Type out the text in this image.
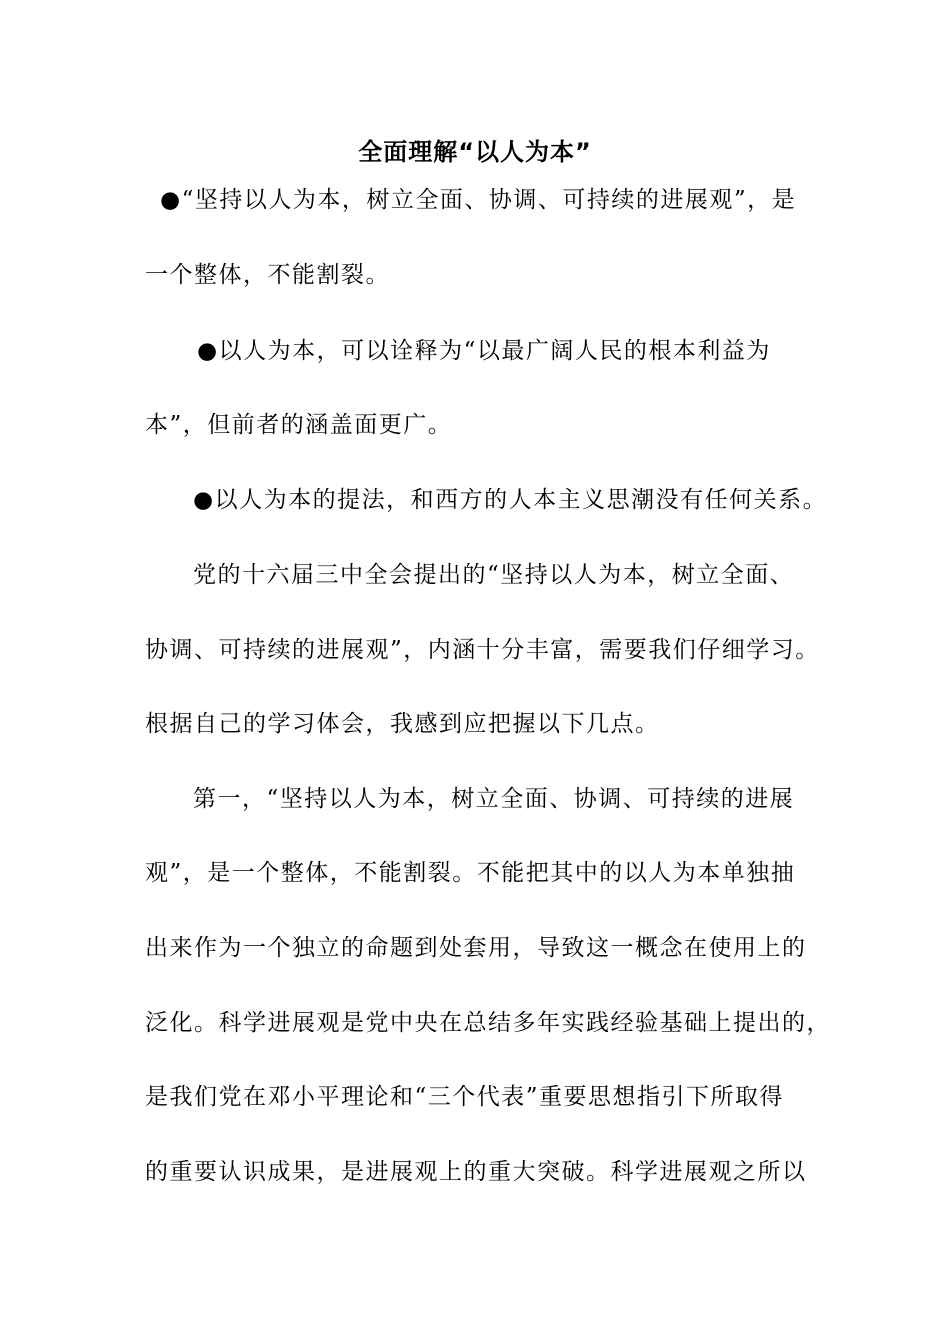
全面理解“以人为本”
●“坚持以人为本，树立全面、协调、可持续的进展观”，是
一个整体，不能割裂。
●以人为本，可以诠释为“以最广阔人民的根本利益为
本”，但前者的涵盖面更广。
●以人为本的提法，和西方的人本主义思潮没有任何关系。
党的十六届三中全会提出的“坚持以人为本，树立全面、
协调、可持续的进展观”，内涵十分丰富，需要我们仔细学习。
根据自己的学习体会，我感到应把握以下几点。
第一，“坚持以人为本，树立全面、协调、可持续的进展
观”，是一个整体，不能割裂。不能把其中的以人为本单独抽
出来作为一个独立的命题到处套用，导致这一概念在使用上的
泛化。科学进展观是党中央在总结多年实践经验基础上提出的，
是我们党在邓小平理论和“三个代表”重要思想指引下所取得
的重要认识成果，是进展观上的重大突破。科学进展观之所以
